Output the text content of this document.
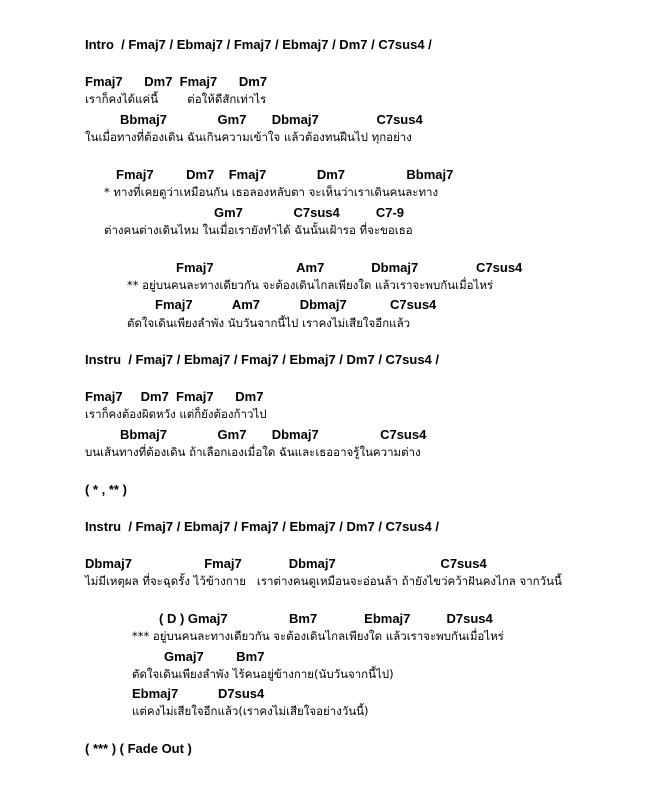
Intro  / Fmaj7 / Ebmaj7 / Fmaj7 / Ebmaj7 / Dm7 / C7sus4 /
Fmaj7      Dm7  Fmaj7      Dm7
เราก็คงได้แค่นี้        ต่อให้ดีสักเท่าไร
Bbmaj7              Gm7       Dbmaj7                C7sus4
ในเมื่อทางที่ต้องเดิน ฉันเกินความเข้าใจ แล้วต้องทนฝืนไป ทุกอย่าง
Fmaj7         Dm7    Fmaj7              Dm7                 Bbmaj7
* ทางที่เคยดูว่าเหมือนกัน เธอลองหลับตา จะเห็นว่าเราเดินคนละทาง
Gm7              C7sus4          C7-9
ต่างคนต่างเดินไหม ในเมื่อเรายังทำได้ ฉันนั้นเฝ้ารอ ที่จะขอเธอ
Fmaj7                       Am7             Dbmaj7                C7sus4
** อยู่บนคนละทางเดียวกัน จะต้องเดินไกลเพียงใด แล้วเราจะพบกันเมื่อไหร่
Fmaj7           Am7           Dbmaj7            C7sus4
ตัดใจเดินเพียงลำพัง นับวันจากนี้ไป เราคงไม่เสียใจอีกแล้ว
Instru  / Fmaj7 / Ebmaj7 / Fmaj7 / Ebmaj7 / Dm7 / C7sus4 /
Fmaj7     Dm7  Fmaj7      Dm7
เราก็คงต้องผิดหวัง แต่ก็ยังต้องก้าวไป
Bbmaj7              Gm7       Dbmaj7                 C7sus4
บนเส้นทางที่ต้องเดิน ถ้าเลือกเองเมื่อใด ฉันและเธออาจรู้ในความต่าง
( * , ** )
Instru  / Fmaj7 / Ebmaj7 / Fmaj7 / Ebmaj7 / Dm7 / C7sus4 /
Dbmaj7                    Fmaj7             Dbmaj7                             C7sus4
ไม่มีเหตุผล ที่จะฉุดรั้ง ไว้ข้างกาย   เราต่างคนดูเหมือนจะอ่อนล้า ถ้ายังไขว่คว้าฝันคงไกล จากวันนี้
( D ) Gmaj7                 Bm7             Ebmaj7          D7sus4
*** อยู่บนคนละทางเดียวกัน จะต้องเดินไกลเพียงใด แล้วเราจะพบกันเมื่อไหร่
Gmaj7         Bm7
ตัดใจเดินเพียงลำพัง ไร้คนอยู่ข้างกาย(นับวันจากนี้ไป)
Ebmaj7           D7sus4
แต่คงไม่เสียใจอีกแล้ว(เราคงไม่เสียใจอย่างวันนี้)
( *** ) ( Fade Out )
